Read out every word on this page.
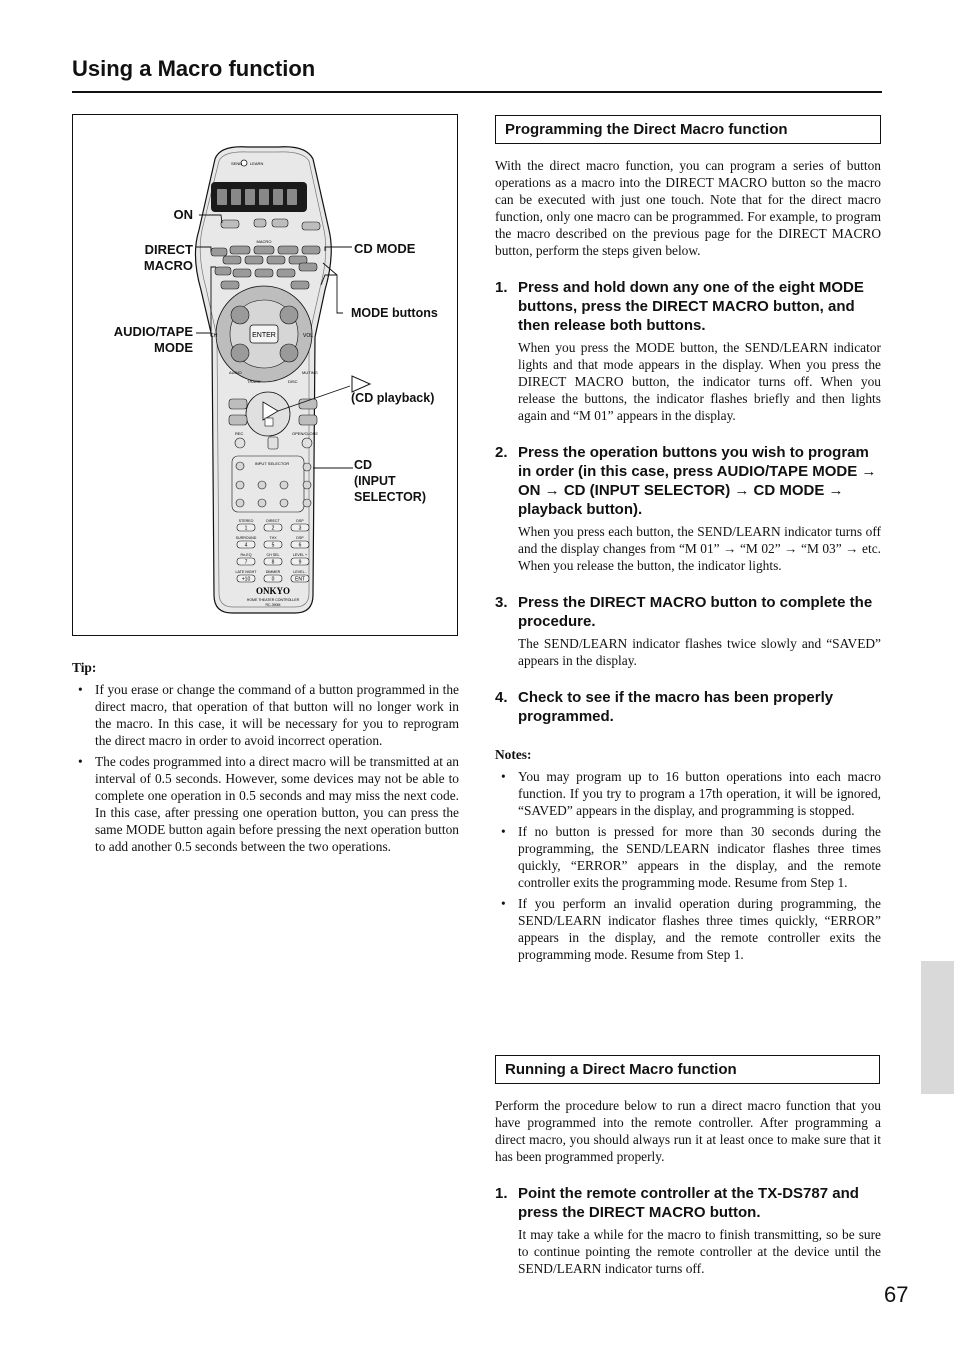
Using a Macro function
SEND LEARN
MACRO
ENTER
CH	VOL
AUDIO	MUTING
TRACK	DISC
REC	OPEN/CLOSE
INPUT SELECTOR
STEREO
1
DIRECT
2
DSP
3
SURROUND
4
THX
5
DSP
6
Re-EQ
7
CH SEL
8
LEVEL +
9
LATE NIGHT
+10
DIMMER
0
LEVEL -
ENT
ONKYO
HOME THEATER CONTROLLER
RC-390M
ON
DIRECT
MACRO
AUDIO/TAPE
MODE
CD MODE
MODE buttons
(CD playback)
CD
(INPUT
SELECTOR)
Tip:
• If you erase or change the command of a button programmed in the direct macro, that operation of that button will no longer work in the macro. In this case, it will be necessary for you to reprogram the direct macro in order to avoid incorrect operation.
• The codes programmed into a direct macro will be transmitted at an interval of 0.5 seconds. However, some devices may not be able to complete one operation in 0.5 seconds and may miss the next code. In this case, after pressing one operation button, you can press the same MODE button again before pressing the next operation button to add another 0.5 seconds between the two operations.
Programming the Direct Macro function

With the direct macro function, you can program a series of button operations as a macro into the DIRECT MACRO button so the macro can be executed with just one touch. Note that for the direct macro function, only one macro can be programmed. For example, to program the macro described on the previous page for the DIRECT MACRO button, perform the steps given below.

1. Press and hold down any one of the eight MODE buttons, press the DIRECT MACRO button, and then release both buttons.

When you press the MODE button, the SEND/LEARN indicator lights and that mode appears in the display. When you press the DIRECT MACRO button, the indicator turns off. When you release the buttons, the indicator flashes briefly and then lights again and “M 01” appears in the display.

2. Press the operation buttons you wish to program in order (in this case, press AUDIO/TAPE MODE → ON → CD (INPUT SELECTOR) → CD MODE → playback button).

When you press each button, the SEND/LEARN indicator turns off and the display changes from “M 01” → “M 02” → “M 03” → etc. When you release the button, the indicator lights.

3. Press the DIRECT MACRO button to complete the procedure.

The SEND/LEARN indicator flashes twice slowly and “SAVED” appears in the display.

4. Check to see if the macro has been properly programmed.
Notes:
• You may program up to 16 button operations into each macro function. If you try to program a 17th operation, it will be ignored, “SAVED” appears in the display, and programming is stopped.
• If no button is pressed for more than 30 seconds during the programming, the SEND/LEARN indicator flashes three times quickly, “ERROR” appears in the display, and the remote controller exits the programming mode. Resume from Step 1.
• If you perform an invalid operation during programming, the SEND/LEARN indicator flashes three times quickly, “ERROR” appears in the display, and the remote controller exits the programming mode. Resume from Step 1.
Running a Direct Macro function

Perform the procedure below to run a direct macro function that you have programmed into the remote controller. After programming a direct macro, you should always run it at least once to make sure that it has been programmed properly.

1. Point the remote controller at the TX-DS787 and press the DIRECT MACRO button.

It may take a while for the macro to finish transmitting, so be sure to continue pointing the remote controller at the device until the SEND/LEARN indicator turns off.

67
